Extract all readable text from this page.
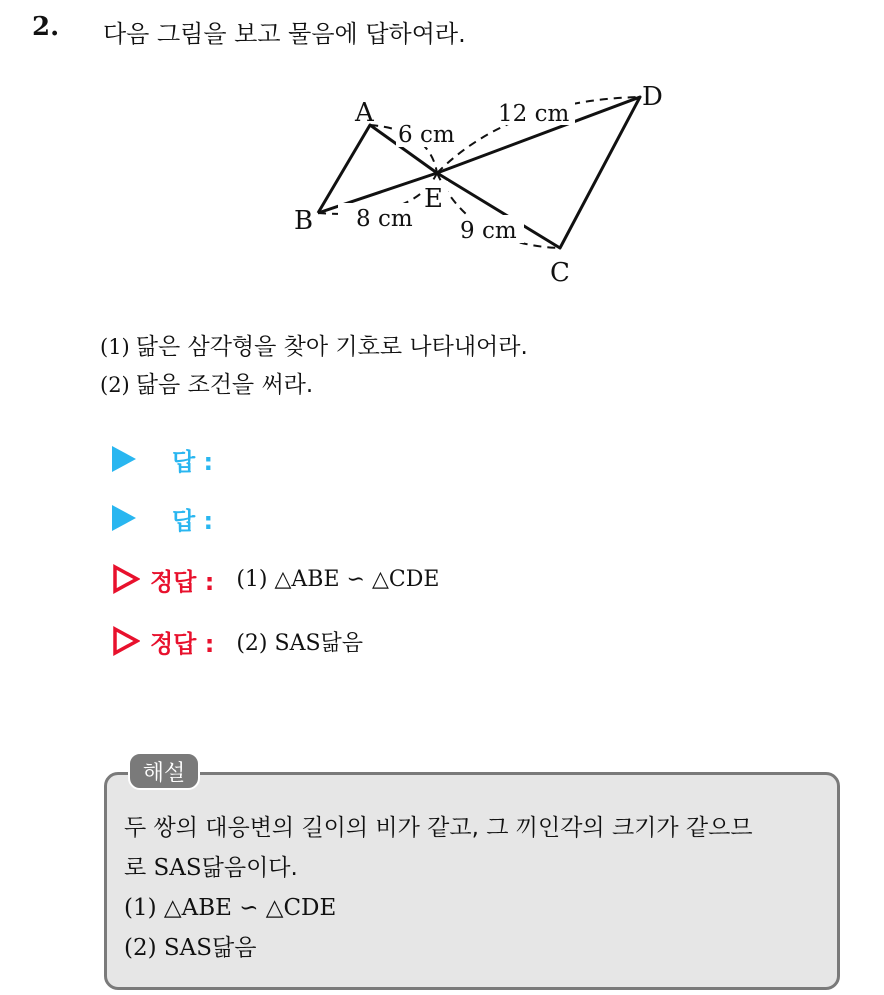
2. 다음 그림을 보고 물음에 답하여라.
A
B
C
D
E
6 cm
12 cm
8 cm 9 cm
(1) 닮은 삼각형을 찾아 기호로 나타내어라.
(2) 닮음 조건을 써라.
답 :
답 :
정답 : (1) △ABE ∽ △CDE
정답 : (2) SAS닮음
해설
두 쌍의 대응변의 길이의 비가 같고, 그 끼인각의 크기가 같으므
로 SAS닮음이다.
(1) △ABE ∽ △CDE
(2) SAS닮음
